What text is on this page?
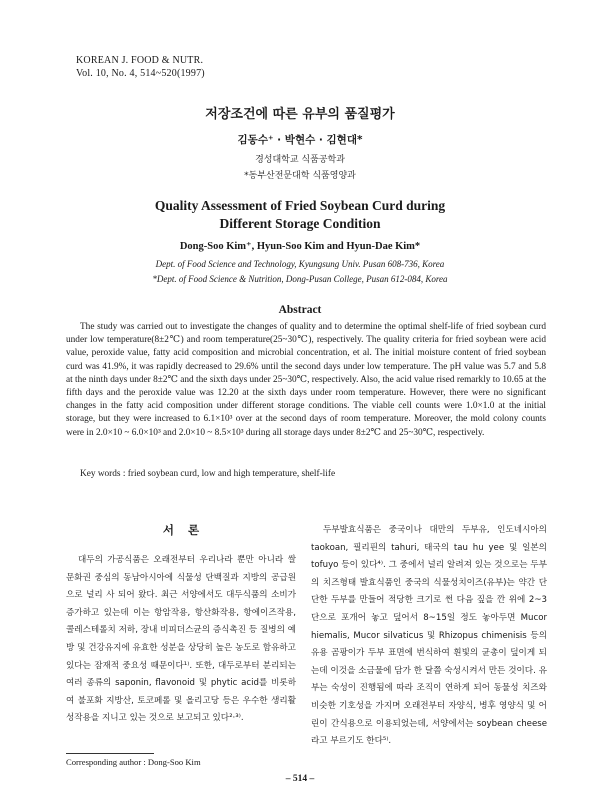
KOREAN J. FOOD & NUTR.
Vol. 10, No. 4, 514~520(1997)
저장조건에 따른 유부의 품질평가
김동수⁺ · 박현수 · 김현대*
경성대학교 식품공학과
*동부산전문대학 식품영양과
Quality Assessment of Fried Soybean Curd during
Different Storage Condition
Dong-Soo Kim⁺, Hyun-Soo Kim and Hyun-Dae Kim*
Dept. of Food Science and Technology, Kyungsung Univ. Pusan 608-736, Korea
*Dept. of Food Science & Nutrition, Dong-Pusan College, Pusan 612-084, Korea
Abstract

The study was carried out to investigate the changes of quality and to determine the optimal shelf-life of fried soybean curd under low temperature(8±2℃) and room temperature(25~30℃), respectively. The quality criteria for fried soybean were acid value, peroxide value, fatty acid composition and microbial concentration, et al. The initial moisture content of fried soybean curd was 41.9%, it was rapidly decreased to 29.6% until the second days under low temperature. The pH value was 5.7 and 5.8 at the ninth days under 8±2℃ and the sixth days under 25~30℃, respectively. Also, the acid value rised remarkly to 10.65 at the fifth days and the peroxide value was 12.20 at the sixth days under room temperature. However, there were no significant changes in the fatty acid composition under different storage conditions. The viable cell counts were 1.0×1.0 at the initial storage, but they were increased to 6.1×10³ over at the second days of room temperature. Moreover, the mold colony counts were in 2.0×10 ~ 6.0×10³ and 2.0×10 ~ 8.5×10³ during all storage days under 8±2℃ and 25~30℃, respectively.

Key words : fried soybean curd, low and high temperature, shelf-life
서론

대두의 가공식품은 오래전부터 우리나라 뿐만 아니라 쌀 문화권 중심의 동남아시아에 식물성 단백질과 지방의 공급원으로 널리 사 되어 왔다. 최근 서양에서도 대두식품의 소비가 증가하고 있는데 이는 항암작용, 항산화작용, 항에이즈작용, 콜레스테롤치 저하, 장내 비피더스균의 증식촉진 등 질병의 예방 및 건강유지에 유효한 성분을 상당히 높은 농도로 함유하고 있다는 잠재적 중요성 때문이다¹⁾. 또한, 대두로부터 분리되는 여러 종류의 saponin, flavonoid 및 phytic acid를 비롯하여 불포화 지방산, 토코페롤 및 올리고당 등은 우수한 생리활성작용을 지니고 있는 것으로 보고되고 있다²·³⁾.

두부발효식품은 중국이나 대만의 두부유, 인도네시아의 taokoan, 필리핀의 tahuri, 태국의 tau hu yee 및 일본의 tofuyo 등이 있다⁴⁾. 그 중에서 널리 알려져 있는 것으로는 두부의 치즈형태 발효식품인 중국의 식물성치이즈(유부)는 약간 단단한 두부를 만들어 적당한 크기로 썬 다음 짚을 깐 위에 2~3단으로 포개어 놓고 덮어서 8~15일 정도 놓아두면 Mucor hiemalis, Mucor silvaticus 및 Rhizopus chimenisis 등의 유용 곰팡이가 두부 표면에 번식하여 흰빛의 균총이 덮이게 되는데 이것을 소금물에 담가 한 달쯤 숙성시켜서 만든 것이다. 유부는 숙성이 진행됨에 따라 조직이 연하게 되어 동물성 치즈와 비슷한 기호성을 가지며 오래전부터 자양식, 병후 영양식 및 어린이 간식용으로 이용되었는데, 서양에서는 soybean cheese라고 부르기도 한다⁵⁾.

Corresponding author : Dong-Soo Kim
– 514 –
